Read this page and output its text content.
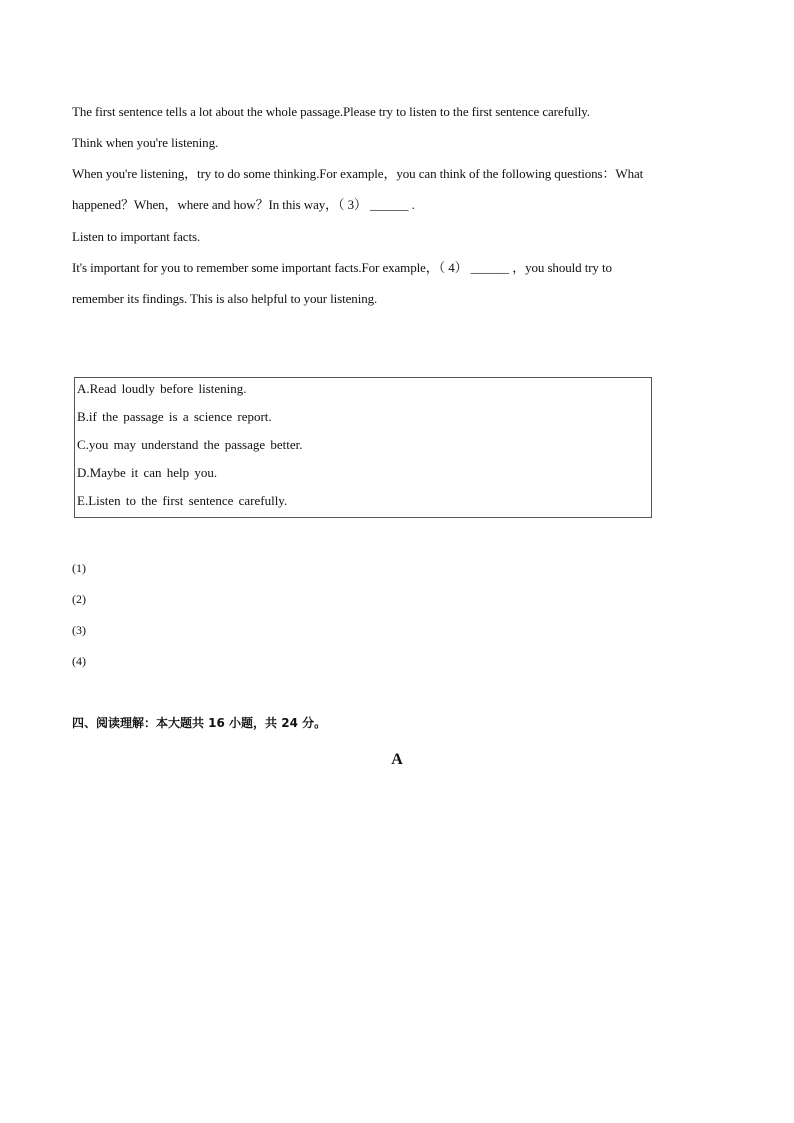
The first sentence tells a lot about the whole passage.Please try to listen to the first sentence carefully.
Think when you're listening.
When you're listening，try to do some thinking.For example，you can think of the following questions：What
happened？When，where and how？In this way，（ 3） ______ .
Listen to important facts.
It's important for you to remember some important facts.For example，（ 4） ______ ，you should try to
remember its findings. This is also helpful to your listening.
A.Read loudly before listening.
B.if the passage is a science report.
C.you may understand the passage better.
D.Maybe it can help you.
E.Listen to the first sentence carefully.
(1)
(2)
(3)
(4)
四、阅读理解：本大题共 16 小题，共 24 分。
A
